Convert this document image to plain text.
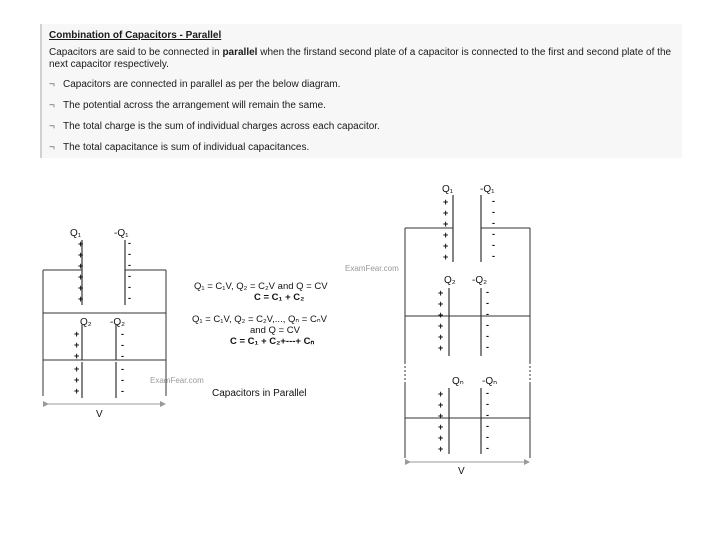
Combination of Capacitors - Parallel
Capacitors are said to be connected in parallel when the firstand second plate of a capacitor is connected to the first and second plate of the next capacitor respectively.
¬ Capacitors are connected in parallel as per the below diagram.
¬ The potential across the arrangement will remain the same.
¬ The total charge is the sum of individual charges across each capacitor.
¬ The total capacitance is sum of individual capacitances.
Q₁	-Q₁
Q₂ -Q₂
V
Capacitors in Parallel
ExamFear.com
+
+
+
+
+
+
-
-
-
-
-
-
+
+
+
-
-
-
+
+
+
-
-
-
Q₁ = C₁V, Q₂ = C₂V and Q = CV
C = C₁ + C₂
Q₁ = C₁V, Q₂ = C₂V,..., Qₙ = CₙV
and Q = CV
C = C₁ + C₂+---+ Cₙ
Q₁	-Q₁
Q₂ -Q₂
Qₙ -Qₙ
V
ExamFear.com
+
+
+
+
+
+
-
-
-
-
-
-
+
+
+
+
+
+
-
-
-
-
-
-
+
+
+
+
+
+
-
-
-
-
-
-
